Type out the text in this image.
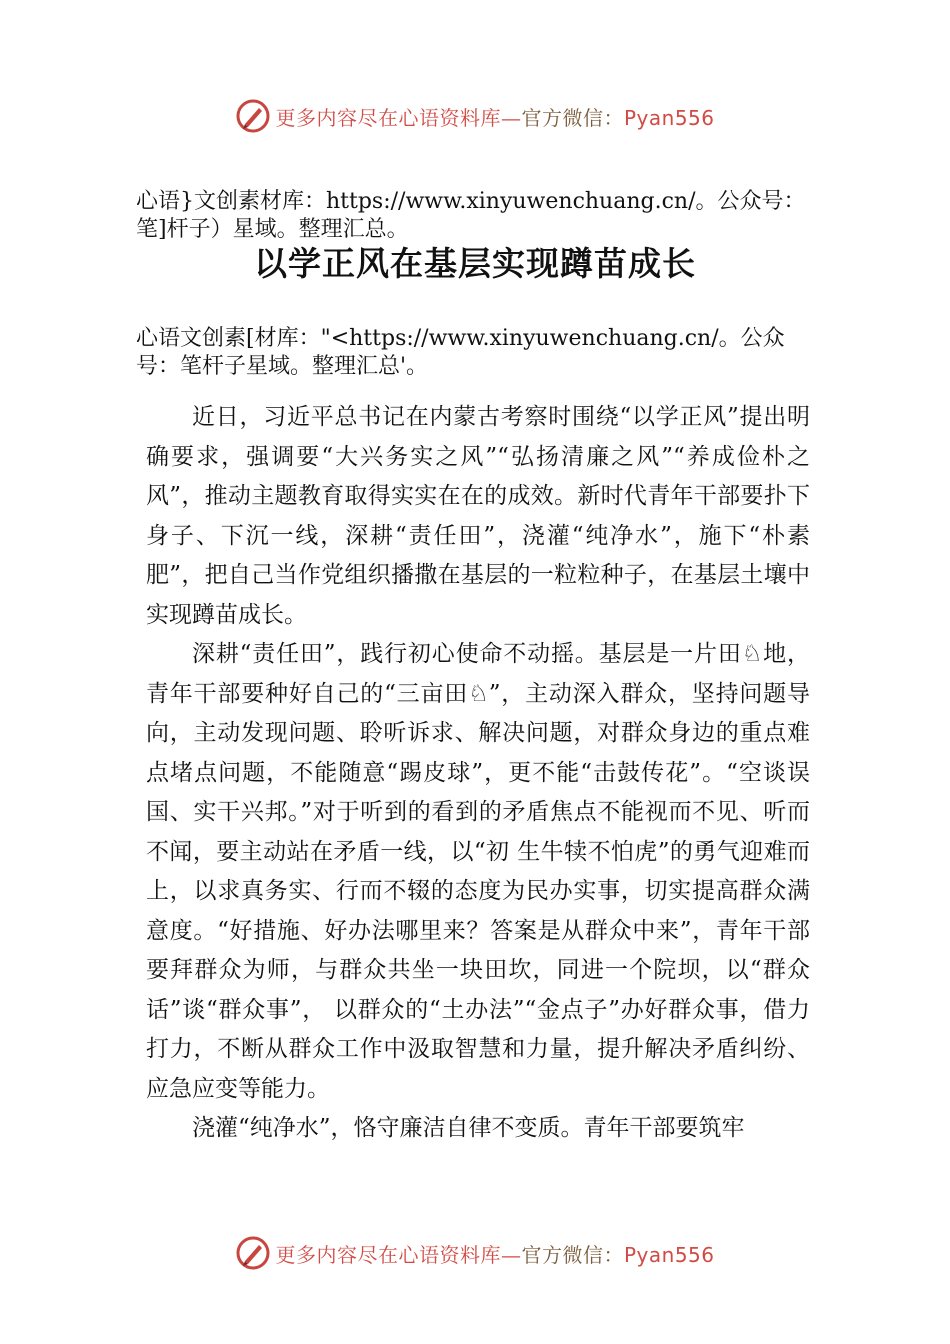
更多内容尽在心语资料库—官方微信：Pyan556

心语}文创素材库：https://www.xinyuwenchuang.cn/。公众号：笔]杆子）星域。整理汇总。

以学正风在基层实现蹲苗成长

心语文创素[材库："<https://www.xinyuwenchuang.cn/。公众号：笔杆子星域。整理汇总'。

近日，习近平总书记在内蒙古考察时围绕“以学正风”提出明确要求，强调要“大兴务实之风”“弘扬清廉之风”“养成俭朴之风”，推动主题教育取得实实在在的成效。新时代青年干部要扑下身子、下沉一线，深耕“责任田”，浇灌“纯净水”，施下“朴素肥”，把自己当作党组织播撒在基层的一粒粒种子，在基层土壤中实现蹲苗成长。

深耕“责任田”，践行初心使命不动摇。基层是一片田♘地，青年干部要种好自己的“三亩田♘”，主动深入群众，坚持问题导向，主动发现问题、聆听诉求、解决问题，对群众身边的重点难点堵点问题，不能随意“踢皮球”，更不能“击鼓传花”。“空谈误国、实干兴邦。”对于听到的看到的矛盾焦点不能视而不见、听而不闻，要主动站在矛盾一线，以“初 生牛犊不怕虎”的勇气迎难而上，以求真务实、行而不辍的态度为民办实事，切实提高群众满意度。“好措施、好办法哪里来？答案是从群众中来”，青年干部要拜群众为师，与群众共坐一块田坎，同进一个院坝，以“群众话”谈“群众事”， 以群众的“土办法”“金点子”办好群众事，借力打力，不断从群众工作中汲取智慧和力量，提升解决矛盾纠纷、应急应变等能力。

浇灌“纯净水”，恪守廉洁自律不变质。青年干部要筑牢

更多内容尽在心语资料库—官方微信：Pyan556
